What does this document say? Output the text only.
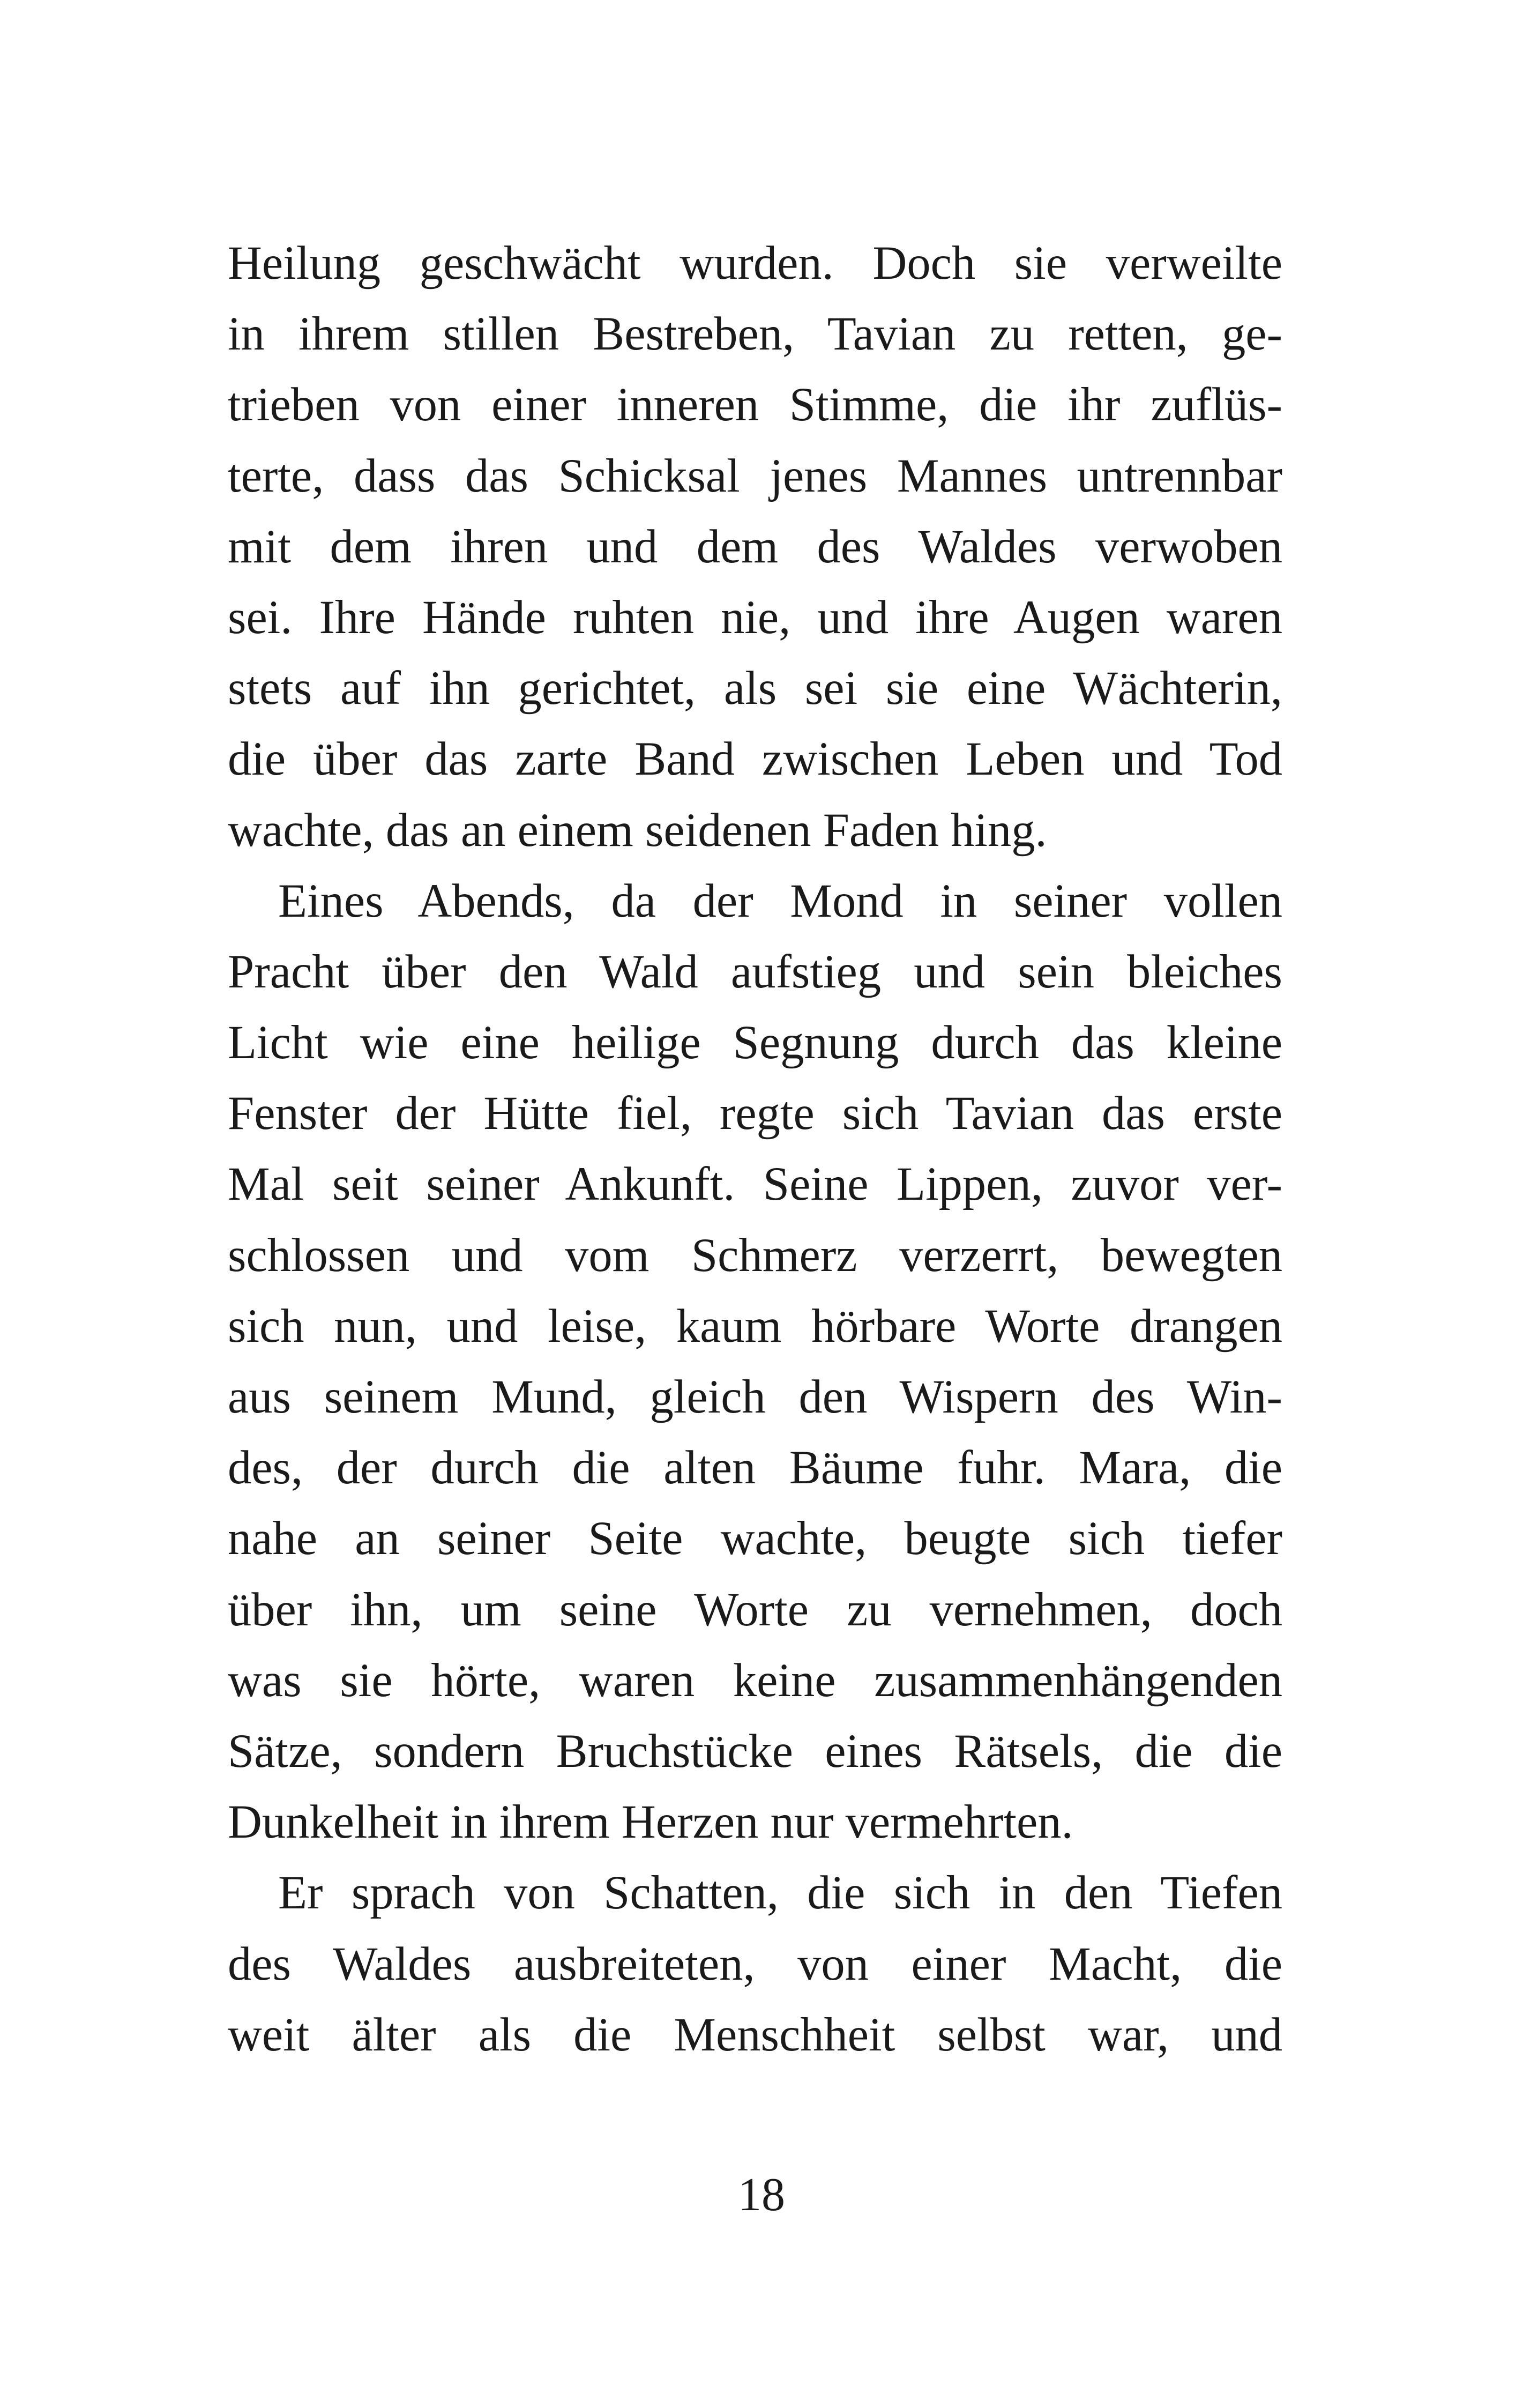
Heilung geschwächt wurden. Doch sie verweilte
in ihrem stillen Bestreben, Tavian zu retten, ge-
trieben von einer inneren Stimme, die ihr zuflüs-
terte, dass das Schicksal jenes Mannes untrennbar
mit dem ihren und dem des Waldes verwoben
sei. Ihre Hände ruhten nie, und ihre Augen waren
stets auf ihn gerichtet, als sei sie eine Wächterin,
die über das zarte Band zwischen Leben und Tod
wachte, das an einem seidenen Faden hing.
Eines Abends, da der Mond in seiner vollen
Pracht über den Wald aufstieg und sein bleiches
Licht wie eine heilige Segnung durch das kleine
Fenster der Hütte fiel, regte sich Tavian das erste
Mal seit seiner Ankunft. Seine Lippen, zuvor ver-
schlossen und vom Schmerz verzerrt, bewegten
sich nun, und leise, kaum hörbare Worte drangen
aus seinem Mund, gleich den Wispern des Win-
des, der durch die alten Bäume fuhr. Mara, die
nahe an seiner Seite wachte, beugte sich tiefer
über ihn, um seine Worte zu vernehmen, doch
was sie hörte, waren keine zusammenhängenden
Sätze, sondern Bruchstücke eines Rätsels, die die
Dunkelheit in ihrem Herzen nur vermehrten.
Er sprach von Schatten, die sich in den Tiefen
des Waldes ausbreiteten, von einer Macht, die
weit älter als die Menschheit selbst war, und
18
